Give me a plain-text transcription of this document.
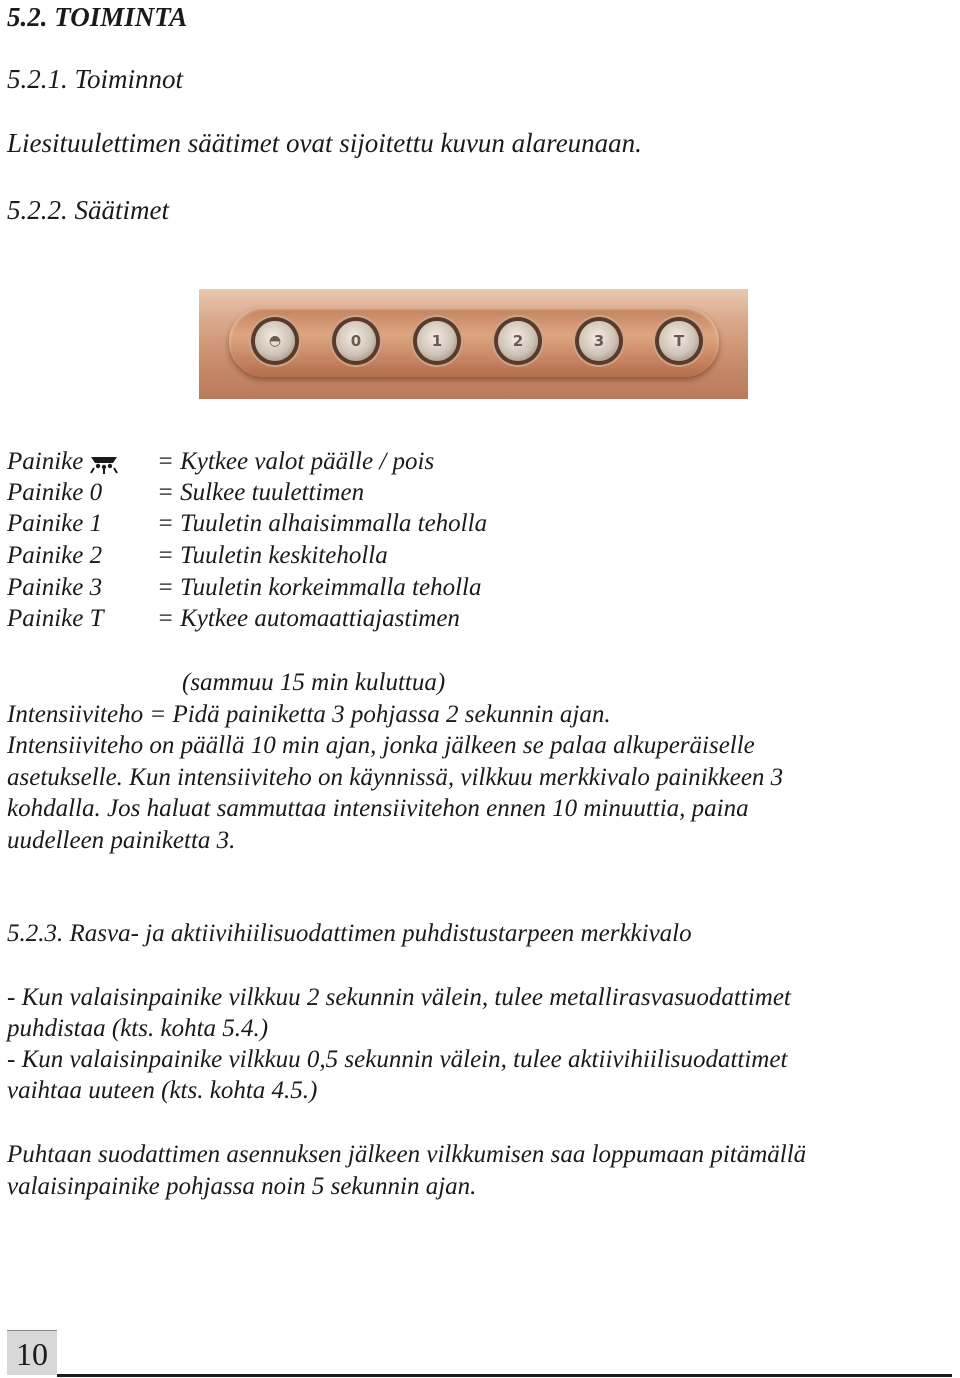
5.2. TOIMINTA
5.2.1. Toiminnot
Liesituulettimen säätimet ovat sijoitettu kuvun alareunaan.
5.2.2. Säätimet
◓	0	1	2	3	T
Painike	= Kytkee valot päälle / pois
Painike 0 = Sulkee tuulettimen
Painike 1 = Tuuletin alhaisimmalla teholla
Painike 2 = Tuuletin keskiteholla
Painike 3 = Tuuletin korkeimmalla teholla
Painike T = Kytkee automaattiajastimen

(sammuu 15 min kuluttua)

Intensiiviteho = Pidä painiketta 3 pohjassa 2 sekunnin ajan.
Intensiiviteho on päällä 10 min ajan, jonka jälkeen se palaa alkuperäiselle
asetukselle. Kun intensiiviteho on käynnissä, vilkkuu merkkivalo painikkeen 3
kohdalla. Jos haluat sammuttaa intensiivitehon ennen 10 minuuttia, paina
uudelleen painiketta 3.
5.2.3. Rasva- ja aktiivihiilisuodattimen puhdistustarpeen merkkivalo
- Kun valaisinpainike vilkkuu 2 sekunnin välein, tulee metallirasvasuodattimet
puhdistaa (kts. kohta 5.4.)
- Kun valaisinpainike vilkkuu 0,5 sekunnin välein, tulee aktiivihiilisuodattimet
vaihtaa uuteen (kts. kohta 4.5.)
Puhtaan suodattimen asennuksen jälkeen vilkkumisen saa loppumaan pitämällä
valaisinpainike pohjassa noin 5 sekunnin ajan.
10
